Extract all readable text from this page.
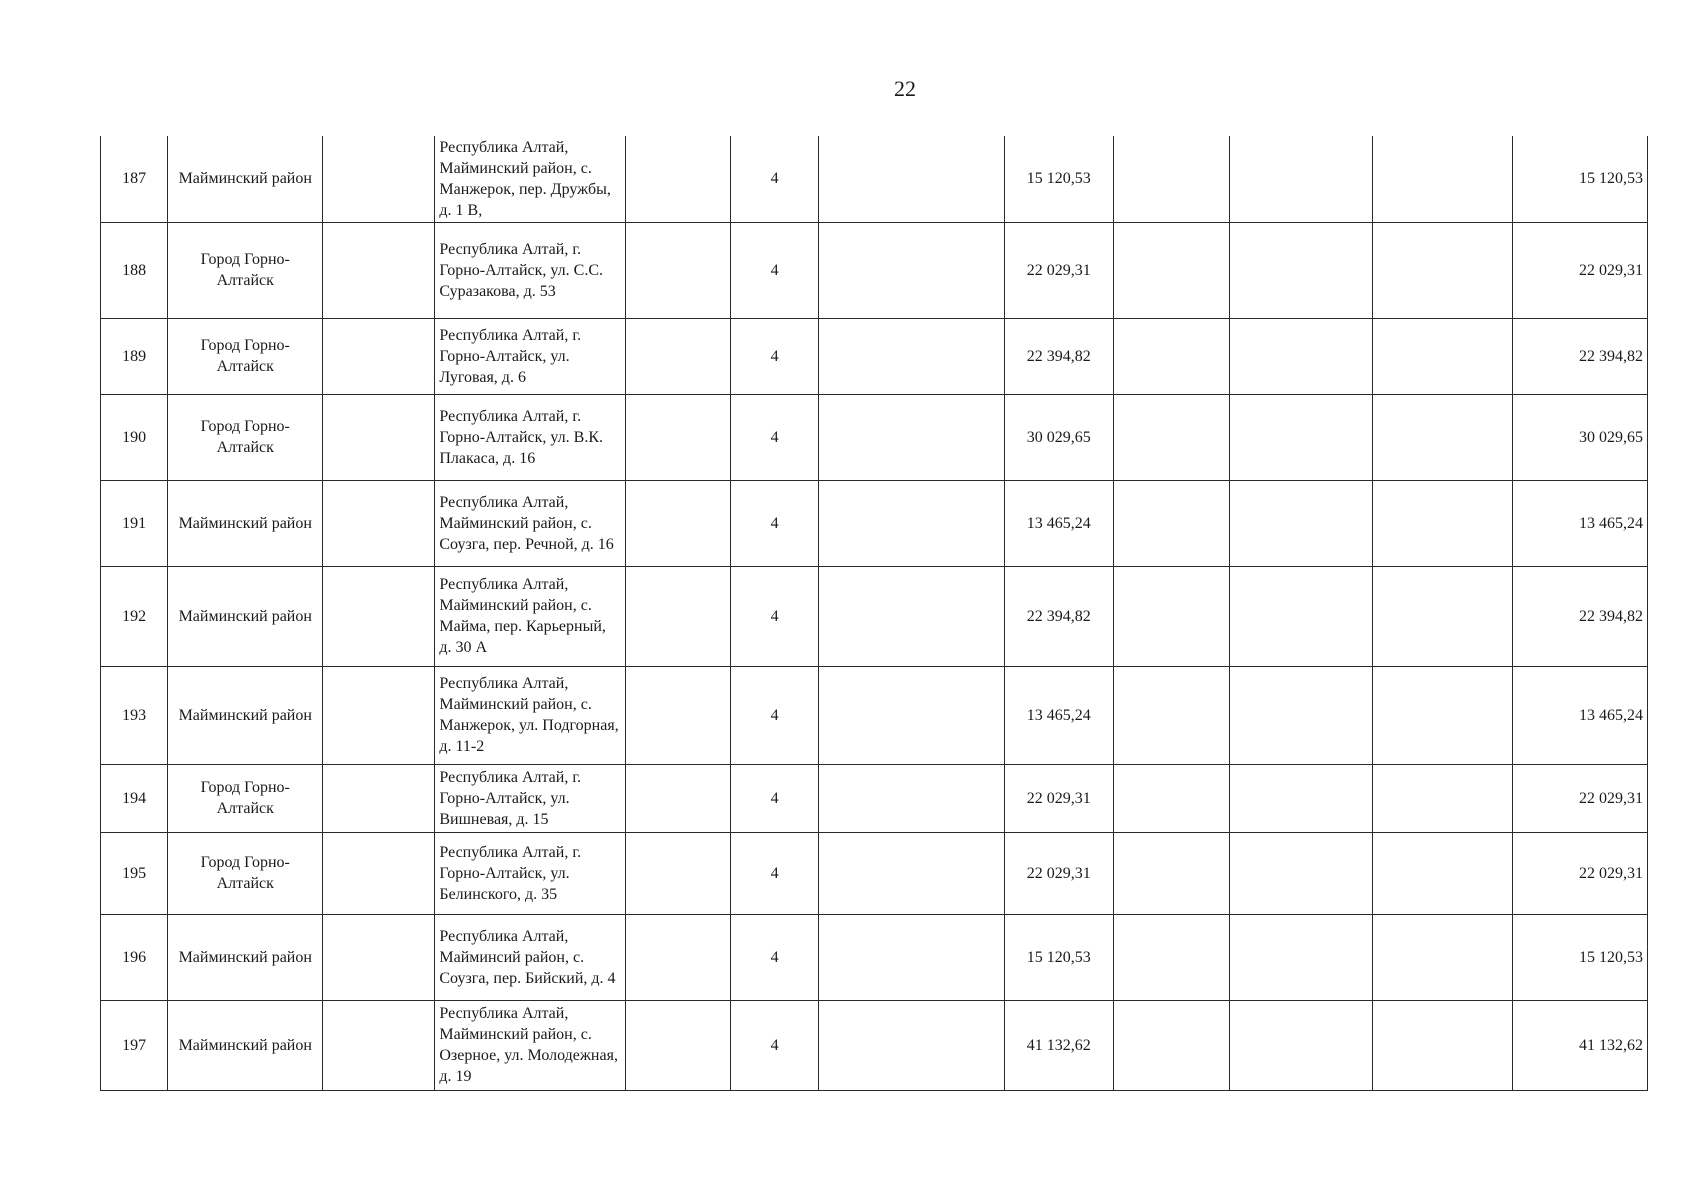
22
187	Майминский район		Республика Алтай, Майминский район, с. Манжерок, пер. Дружбы, д. 1 В,		4		15 120,53				15 120,53
188	Город Горно-Алтайск		Республика Алтай, г. Горно-Алтайск, ул. С.С. Суразакова, д. 53		4		22 029,31				22 029,31
189	Город Горно-Алтайск		Республика Алтай, г. Горно-Алтайск, ул. Луговая, д. 6		4		22 394,82				22 394,82
190	Город Горно-Алтайск		Республика Алтай, г. Горно-Алтайск, ул. В.К. Плакаса, д. 16		4		30 029,65				30 029,65
191	Майминский район		Республика Алтай, Майминский район, с. Соузга, пер. Речной, д. 16		4		13 465,24				13 465,24
192	Майминский район		Республика Алтай, Майминский район, с. Майма, пер. Карьерный, д. 30 А		4		22 394,82				22 394,82
193	Майминский район		Республика Алтай, Майминский район, с. Манжерок, ул. Подгорная, д. 11-2		4		13 465,24				13 465,24
194	Город Горно-Алтайск		Республика Алтай, г. Горно-Алтайск, ул. Вишневая, д. 15		4		22 029,31				22 029,31
195	Город Горно-Алтайск		Республика Алтай, г. Горно-Алтайск, ул. Белинского, д. 35		4		22 029,31				22 029,31
196	Майминский район		Республика Алтай, Майминсий район, с. Соузга, пер. Бийский, д. 4		4		15 120,53				15 120,53
197	Майминский район		Республика Алтай, Майминский район, с. Озерное, ул. Молодежная, д. 19		4		41 132,62				41 132,62
